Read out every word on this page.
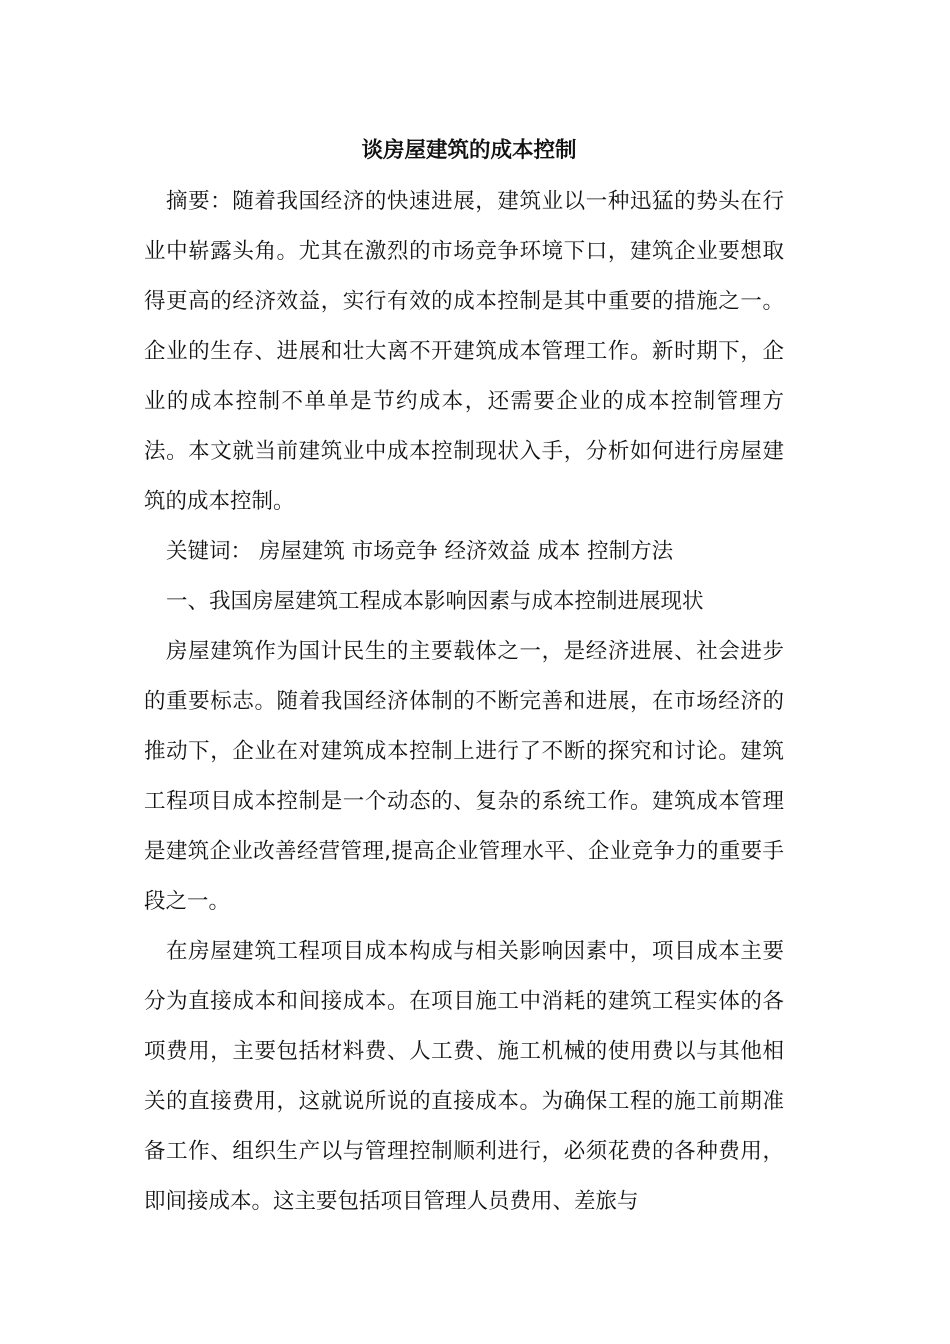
谈房屋建筑的成本控制

摘要：随着我国经济的快速进展，建筑业以一种迅猛的势头在行业中崭露头角。尤其在激烈的市场竞争环境下口，建筑企业要想取得更高的经济效益，实行有效的成本控制是其中重要的措施之一。企业的生存、进展和壮大离不开建筑成本管理工作。新时期下，企业的成本控制不单单是节约成本，还需要企业的成本控制管理方法。本文就当前建筑业中成本控制现状入手，分析如何进行房屋建筑的成本控制。

关键词： 房屋建筑 市场竞争 经济效益 成本 控制方法

一、我国房屋建筑工程成本影响因素与成本控制进展现状

房屋建筑作为国计民生的主要载体之一，是经济进展、社会进步的重要标志。随着我国经济体制的不断完善和进展，在市场经济的推动下，企业在对建筑成本控制上进行了不断的探究和讨论。建筑工程项目成本控制是一个动态的、复杂的系统工作。建筑成本管理是建筑企业改善经营管理,提高企业管理水平、企业竞争力的重要手段之一。

在房屋建筑工程项目成本构成与相关影响因素中，项目成本主要分为直接成本和间接成本。在项目施工中消耗的建筑工程实体的各项费用，主要包括材料费、人工费、施工机械的使用费以与其他相关的直接费用，这就说所说的直接成本。为确保工程的施工前期准备工作、组织生产以与管理控制顺利进行，必须花费的各种费用，即间接成本。这主要包括项目管理人员费用、差旅与
